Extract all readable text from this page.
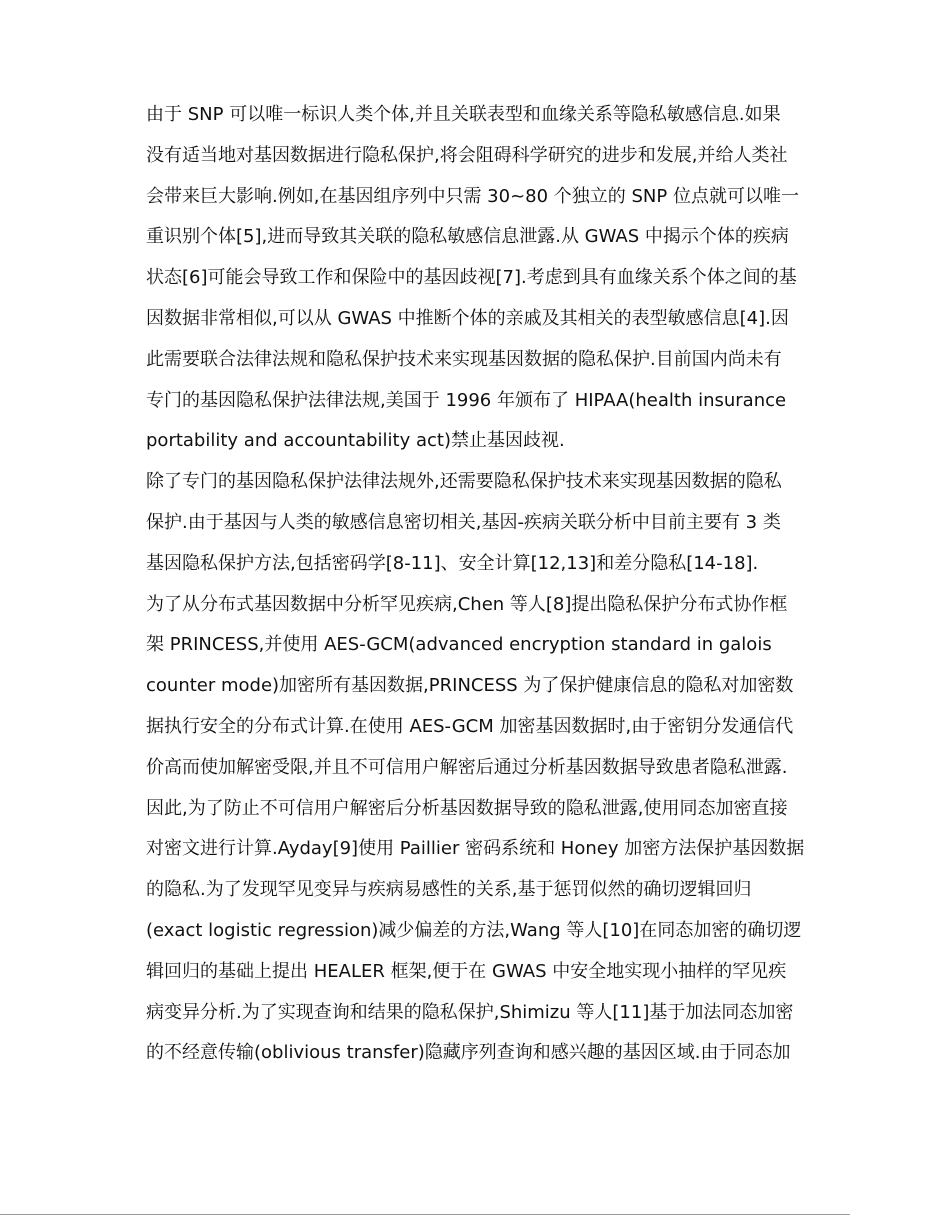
由于 SNP 可以唯一标识人类个体,并且关联表型和血缘关系等隐私敏感信息.如果
没有适当地对基因数据进行隐私保护,将会阻碍科学研究的进步和发展,并给人类社
会带来巨大影响.例如,在基因组序列中只需 30~80 个独立的 SNP 位点就可以唯一
重识别个体[5],进而导致其关联的隐私敏感信息泄露.从 GWAS 中揭示个体的疾病
状态[6]可能会导致工作和保险中的基因歧视[7].考虑到具有血缘关系个体之间的基
因数据非常相似,可以从 GWAS 中推断个体的亲戚及其相关的表型敏感信息[4].因
此需要联合法律法规和隐私保护技术来实现基因数据的隐私保护.目前国内尚未有
专门的基因隐私保护法律法规,美国于 1996 年颁布了 HIPAA(health insurance
portability and accountability act)禁止基因歧视.
除了专门的基因隐私保护法律法规外,还需要隐私保护技术来实现基因数据的隐私
保护.由于基因与人类的敏感信息密切相关,基因-疾病关联分析中目前主要有 3 类
基因隐私保护方法,包括密码学[8-11]、安全计算[12,13]和差分隐私[14-18].
为了从分布式基因数据中分析罕见疾病,Chen 等人[8]提出隐私保护分布式协作框
架 PRINCESS,并使用 AES-GCM(advanced encryption standard in galois
counter mode)加密所有基因数据,PRINCESS 为了保护健康信息的隐私对加密数
据执行安全的分布式计算.在使用 AES-GCM 加密基因数据时,由于密钥分发通信代
价高而使加解密受限,并且不可信用户解密后通过分析基因数据导致患者隐私泄露.
因此,为了防止不可信用户解密后分析基因数据导致的隐私泄露,使用同态加密直接
对密文进行计算.Ayday[9]使用 Paillier 密码系统和 Honey 加密方法保护基因数据
的隐私.为了发现罕见变异与疾病易感性的关系,基于惩罚似然的确切逻辑回归
(exact logistic regression)减少偏差的方法,Wang 等人[10]在同态加密的确切逻
辑回归的基础上提出 HEALER 框架,便于在 GWAS 中安全地实现小抽样的罕见疾
病变异分析.为了实现查询和结果的隐私保护,Shimizu 等人[11]基于加法同态加密
的不经意传输(oblivious transfer)隐藏序列查询和感兴趣的基因区域.由于同态加
